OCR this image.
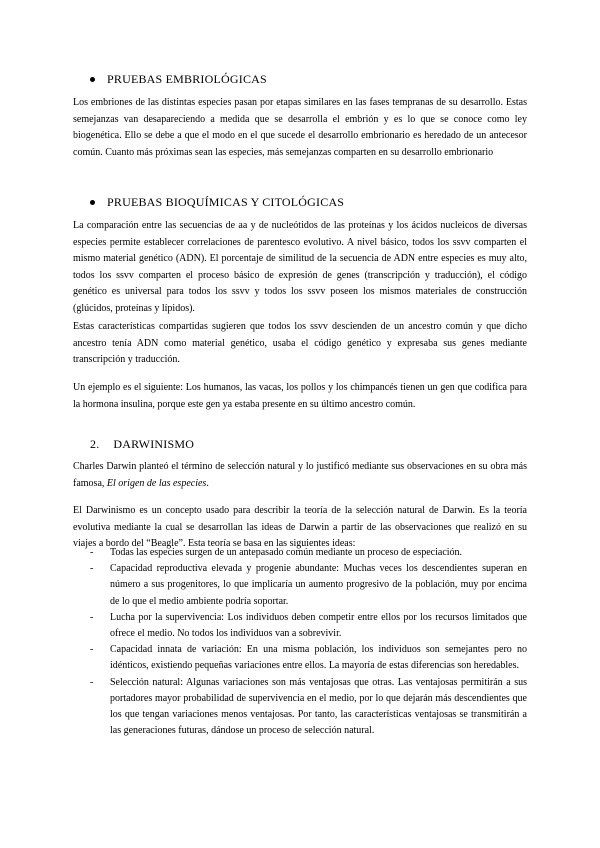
PRUEBAS EMBRIOLÓGICAS

Los embriones de las distintas especies pasan por etapas similares en las fases tempranas de su desarrollo. Estas semejanzas van desapareciendo a medida que se desarrolla el embrión y es lo que se conoce como ley biogenética. Ello se debe a que el modo en el que sucede el desarrollo embrionario es heredado de un antecesor común. Cuanto más próximas sean las especies, más semejanzas comparten en su desarrollo embrionario

PRUEBAS BIOQUÍMICAS Y CITOLÓGICAS

La comparación entre las secuencias de aa y de nucleótidos de las proteínas y los ácidos nucleicos de diversas especies permite establecer correlaciones de parentesco evolutivo. A nivel básico, todos los ssvv comparten el mismo material genético (ADN). El porcentaje de similitud de la secuencia de ADN entre especies es muy alto, todos los ssvv comparten el proceso básico de expresión de genes (transcripción y traducción), el código genético es universal para todos los ssvv y todos los ssvv poseen los mismos materiales de construcción (glúcidos, proteínas y lípidos).

Estas características compartidas sugieren que todos los ssvv descienden de un ancestro común y que dicho ancestro tenía ADN como material genético, usaba el código genético y expresaba sus genes mediante transcripción y traducción.

Un ejemplo es el siguiente: Los humanos, las vacas, los pollos y los chimpancés tienen un gen que codifica para la hormona insulina, porque este gen ya estaba presente en su último ancestro común.

2. DARWINISMO

Charles Darwin planteó el término de selección natural y lo justificó mediante sus observaciones en su obra más famosa, El origen de las especies.

El Darwinismo es un concepto usado para describir la teoría de la selección natural de Darwin. Es la teoría evolutiva mediante la cual se desarrollan las ideas de Darwin a partir de las observaciones que realizó en su viajes a bordo del “Beagle”. Esta teoría se basa en las siguientes ideas:

- Todas las especies surgen de un antepasado común mediante un proceso de especiación.
- Capacidad reproductiva elevada y progenie abundante: Muchas veces los descendientes superan en número a sus progenitores, lo que implicaría un aumento progresivo de la población, muy por encima de lo que el medio ambiente podría soportar.
- Lucha por la supervivencia: Los individuos deben competir entre ellos por los recursos limitados que ofrece el medio. No todos los individuos van a sobrevivir.
- Capacidad innata de variación: En una misma población, los individuos son semejantes pero no idénticos, existiendo pequeñas variaciones entre ellos. La mayoría de estas diferencias son heredables.
- Selección natural: Algunas variaciones son más ventajosas que otras. Las ventajosas permitirán a sus portadores mayor probabilidad de supervivencia en el medio, por lo que dejarán más descendientes que los que tengan variaciones menos ventajosas. Por tanto, las características ventajosas se transmitirán a las generaciones futuras, dándose un proceso de selección natural.
